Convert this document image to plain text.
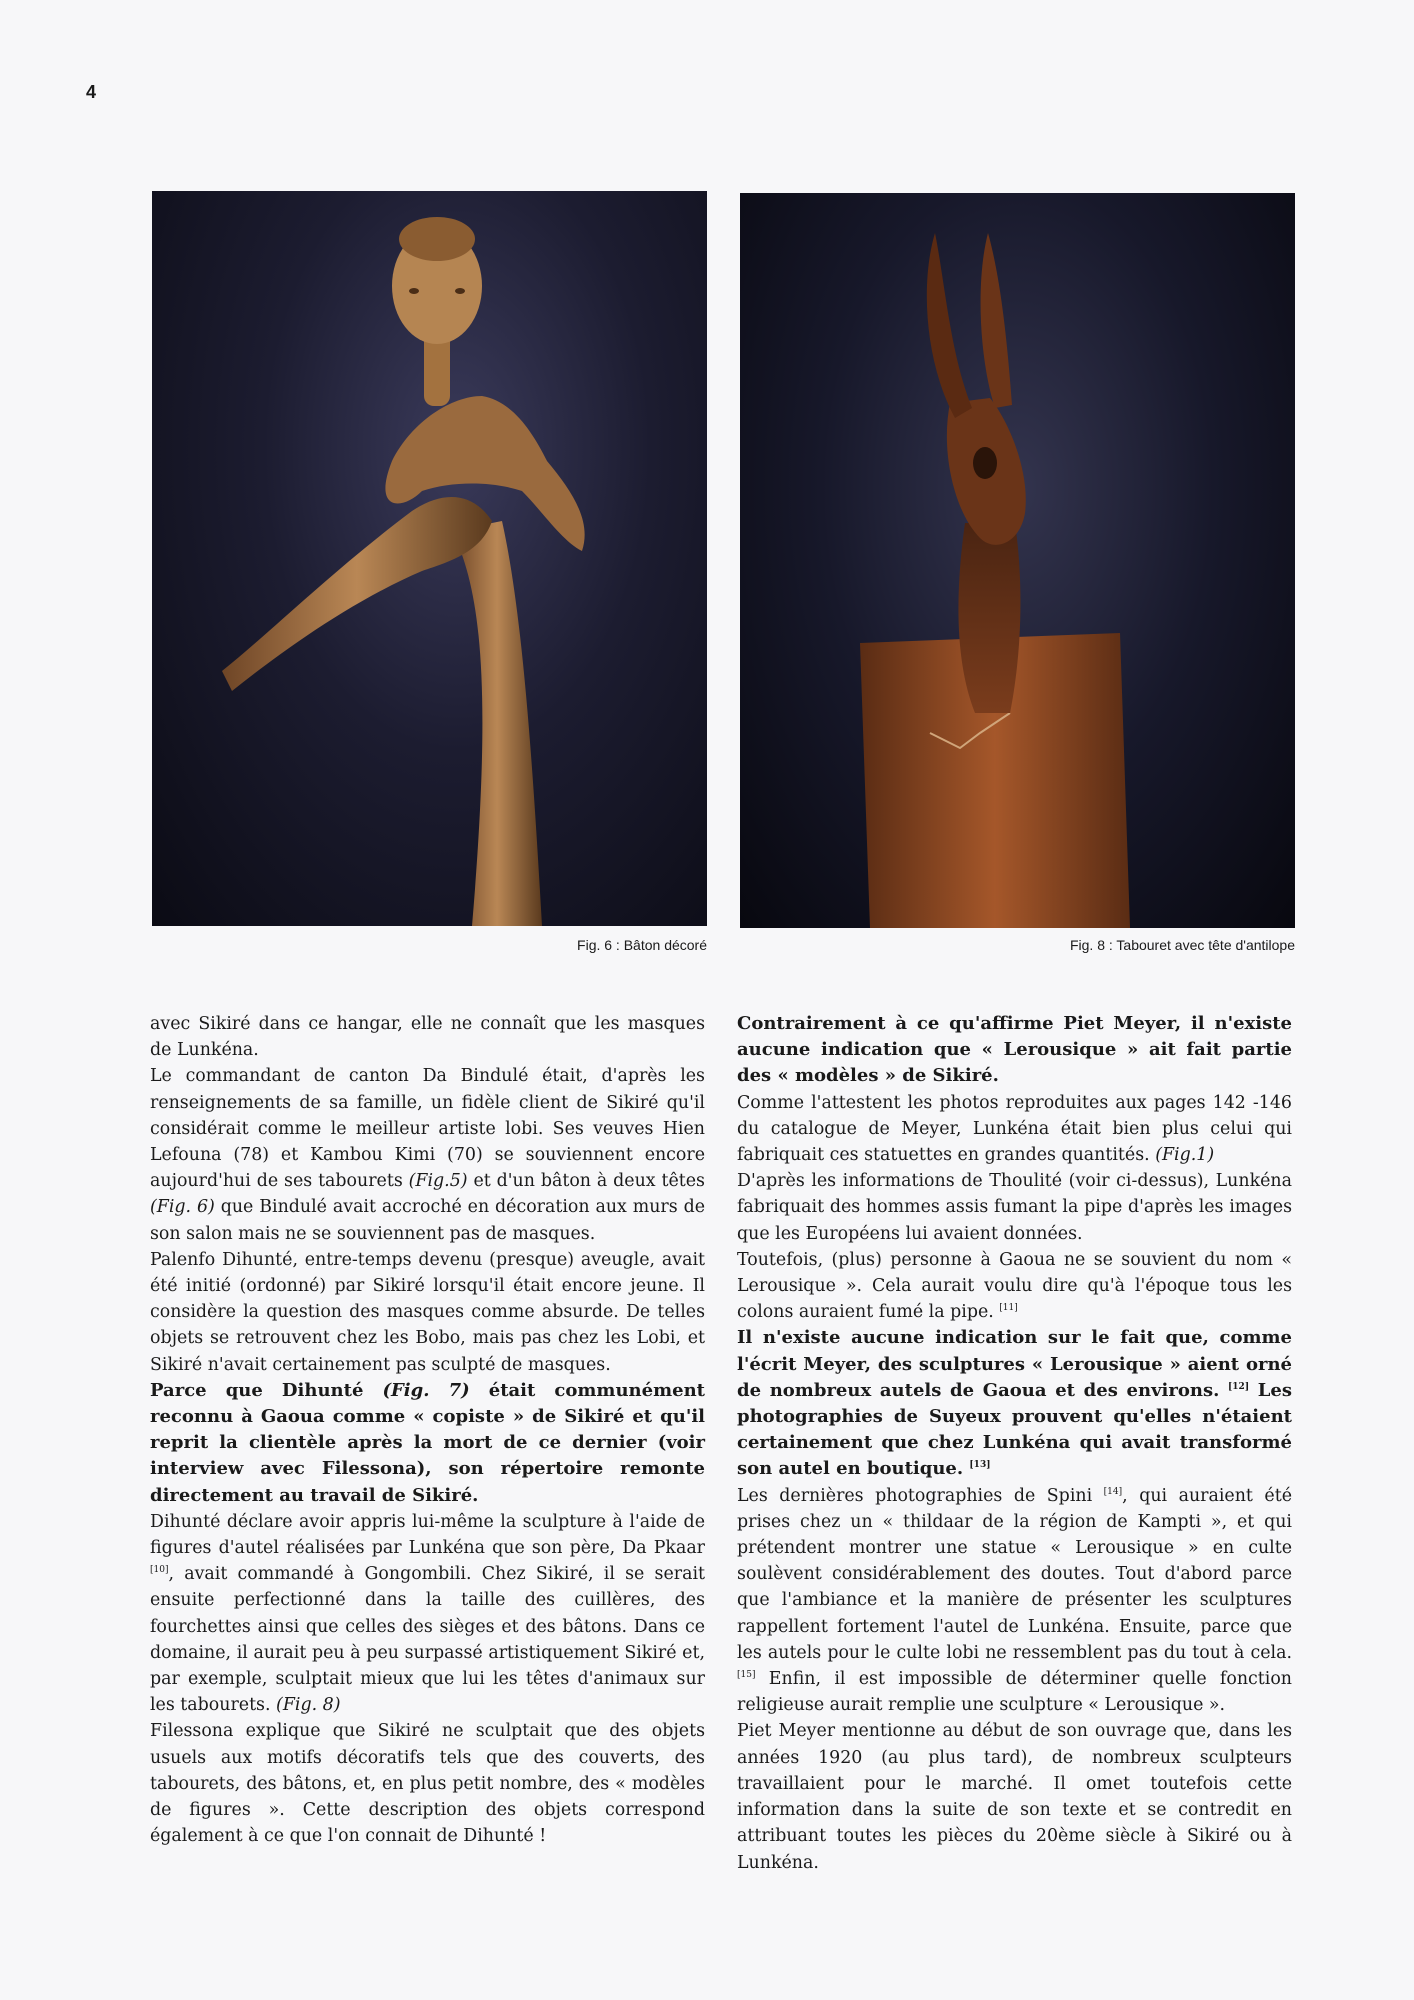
4
Fig. 6 : Bâton décoré	Fig. 8 : Tabouret avec tête d'antilope

avec Sikiré dans ce hangar, elle ne connaît que les masques de Lunkéna.

Le commandant de canton Da Bindulé était, d'après les renseignements de sa famille, un fidèle client de Sikiré qu'il considérait comme le meilleur artiste lobi. Ses veuves Hien Lefouna (78) et Kambou Kimi (70) se souviennent encore aujourd'hui de ses tabourets (Fig.5) et d'un bâton à deux têtes (Fig. 6) que Bindulé avait accroché en décoration aux murs de son salon mais ne se souviennent pas de masques.

Palenfo Dihunté, entre-temps devenu (presque) aveugle, avait été initié (ordonné) par Sikiré lorsqu'il était encore jeune. Il considère la question des masques comme absurde. De telles objets se retrouvent chez les Bobo, mais pas chez les Lobi, et Sikiré n'avait certainement pas sculpté de masques.

Parce que Dihunté (Fig. 7) était communément reconnu à Gaoua comme « copiste » de Sikiré et qu'il reprit la clientèle après la mort de ce dernier (voir interview avec Filessona), son répertoire remonte directement au travail de Sikiré.

Dihunté déclare avoir appris lui-même la sculpture à l'aide de figures d'autel réalisées par Lunkéna que son père, Da Pkaar [10], avait commandé à Gongombili. Chez Sikiré, il se serait ensuite perfectionné dans la taille des cuillères, des fourchettes ainsi que celles des sièges et des bâtons. Dans ce domaine, il aurait peu à peu surpassé artistiquement Sikiré et, par exemple, sculptait mieux que lui les têtes d'animaux sur les tabourets. (Fig. 8)

Filessona explique que Sikiré ne sculptait que des objets usuels aux motifs décoratifs tels que des couverts, des tabourets, des bâtons, et, en plus petit nombre, des « modèles de figures ». Cette description des objets correspond également à ce que l'on connait de Dihunté !

Contrairement à ce qu'affirme Piet Meyer, il n'existe aucune indication que « Lerousique » ait fait partie des « modèles » de Sikiré.

Comme l'attestent les photos reproduites aux pages 142 -146 du catalogue de Meyer, Lunkéna était bien plus celui qui fabriquait ces statuettes en grandes quantités. (Fig.1)

D'après les informations de Thoulité (voir ci-dessus), Lunkéna fabriquait des hommes assis fumant la pipe d'après les images que les Européens lui avaient données.

Toutefois, (plus) personne à Gaoua ne se souvient du nom « Lerousique ». Cela aurait voulu dire qu'à l'époque tous les colons auraient fumé la pipe. [11]

Il n'existe aucune indication sur le fait que, comme l'écrit Meyer, des sculptures « Lerousique » aient orné de nombreux autels de Gaoua et des environs. [12] Les photographies de Suyeux prouvent qu'elles n'étaient certainement que chez Lunkéna qui avait transformé son autel en boutique. [13]

Les dernières photographies de Spini [14], qui auraient été prises chez un « thildaar de la région de Kampti », et qui prétendent montrer une statue « Lerousique » en culte soulèvent considérablement des doutes. Tout d'abord parce que l'ambiance et la manière de présenter les sculptures rappellent fortement l'autel de Lunkéna. Ensuite, parce que les autels pour le culte lobi ne ressemblent pas du tout à cela. [15] Enfin, il est impossible de déterminer quelle fonction religieuse aurait remplie une sculpture « Lerousique ».

Piet Meyer mentionne au début de son ouvrage que, dans les années 1920 (au plus tard), de nombreux sculpteurs travaillaient pour le marché. Il omet toutefois cette information dans la suite de son texte et se contredit en attribuant toutes les pièces du 20ème siècle à Sikiré ou à Lunkéna.
